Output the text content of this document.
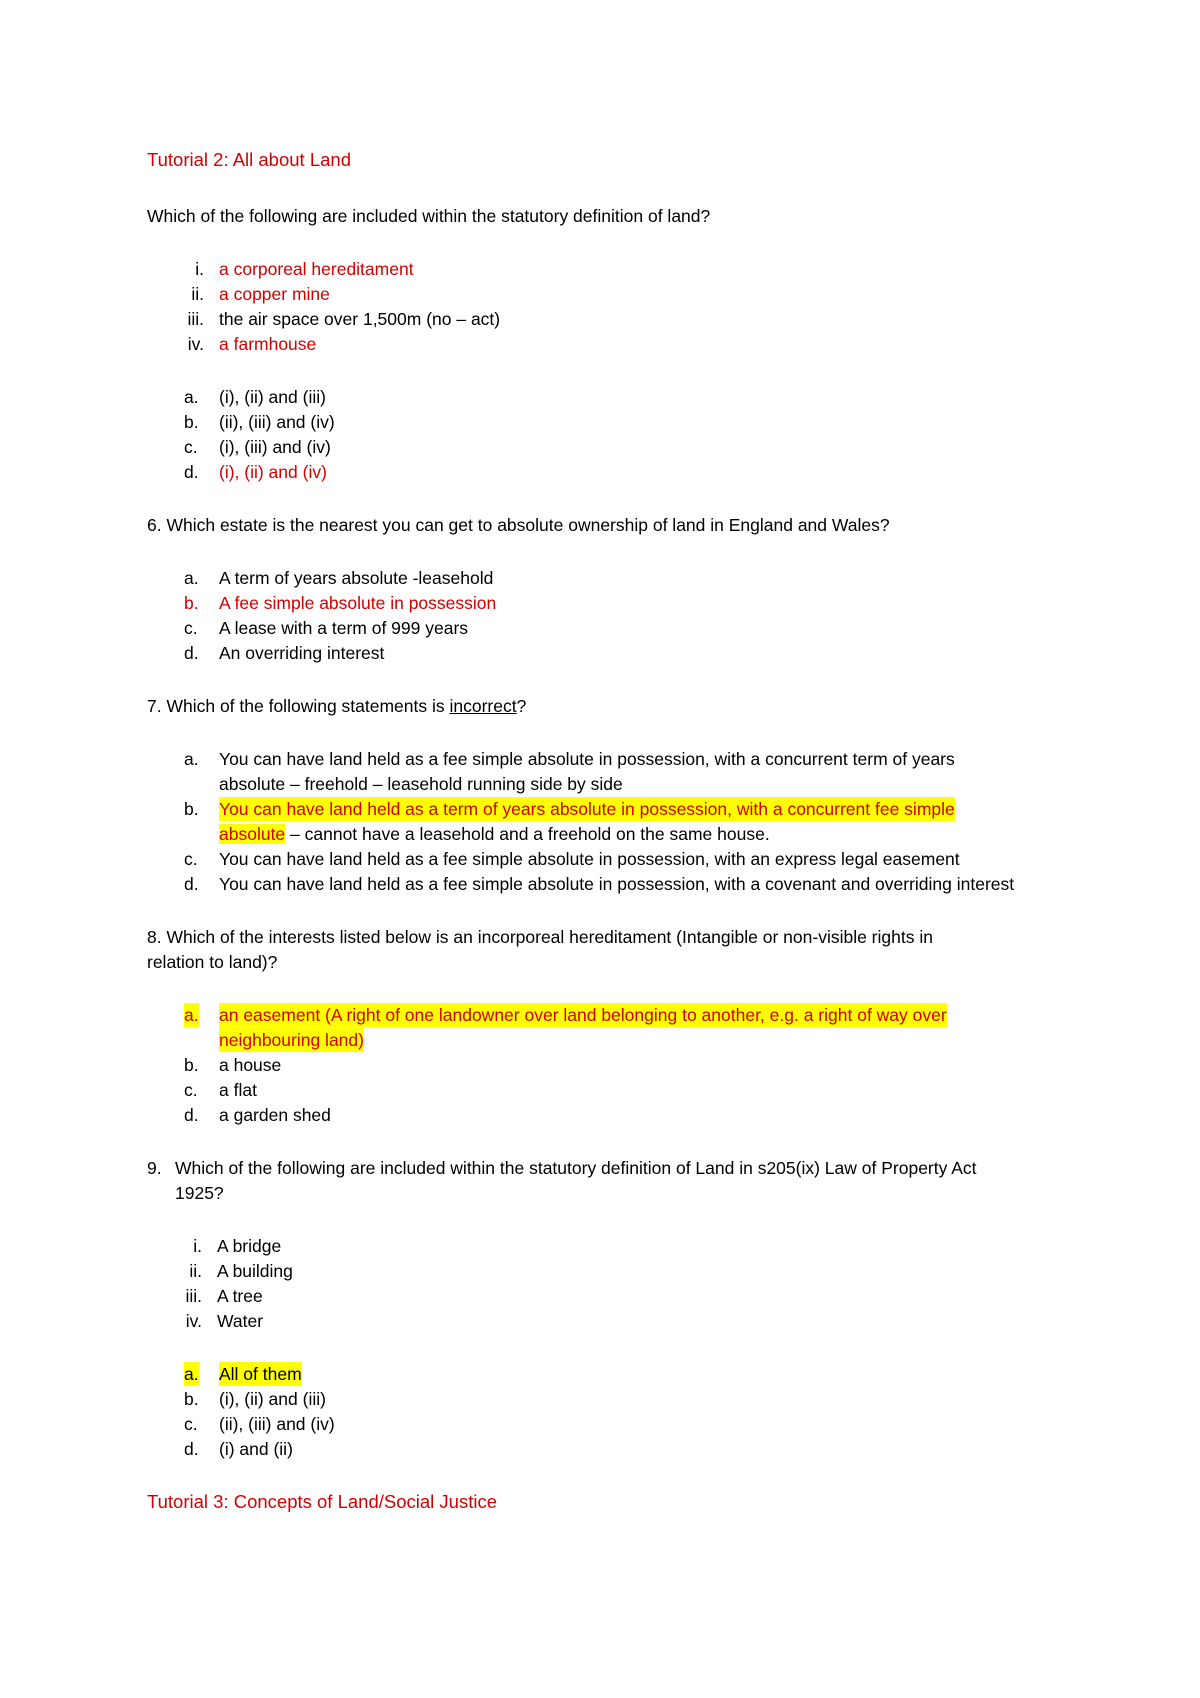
Tutorial 2: All about Land
Which of the following are included within the statutory definition of land?
i. a corporeal hereditament
ii. a copper mine
iii. the air space over 1,500m (no – act)
iv. a farmhouse
a. (i), (ii) and (iii)
b. (ii), (iii) and (iv)
c. (i), (iii) and (iv)
d. (i), (ii) and (iv)
6. Which estate is the nearest you can get to absolute ownership of land in England and Wales?
a. A term of years absolute -leasehold
b. A fee simple absolute in possession
c. A lease with a term of 999 years
d. An overriding interest
7. Which of the following statements is incorrect?
a. You can have land held as a fee simple absolute in possession, with a concurrent term of years
absolute – freehold – leasehold running side by side
b. You can have land held as a term of years absolute in possession, with a concurrent fee simple
absolute – cannot have a leasehold and a freehold on the same house.
c. You can have land held as a fee simple absolute in possession, with an express legal easement
d. You can have land held as a fee simple absolute in possession, with a covenant and overriding interest
8. Which of the interests listed below is an incorporeal hereditament (Intangible or non-visible rights in
relation to land)?
a. an easement (A right of one landowner over land belonging to another, e.g. a right of way over
neighbouring land)
b. a house
c. a flat
d. a garden shed
9. Which of the following are included within the statutory definition of Land in s205(ix) Law of Property Act
1925?
i. A bridge
ii. A building
iii. A tree
iv. Water
a. All of them
b. (i), (ii) and (iii)
c. (ii), (iii) and (iv)
d. (i) and (ii)
Tutorial 3: Concepts of Land/Social Justice
